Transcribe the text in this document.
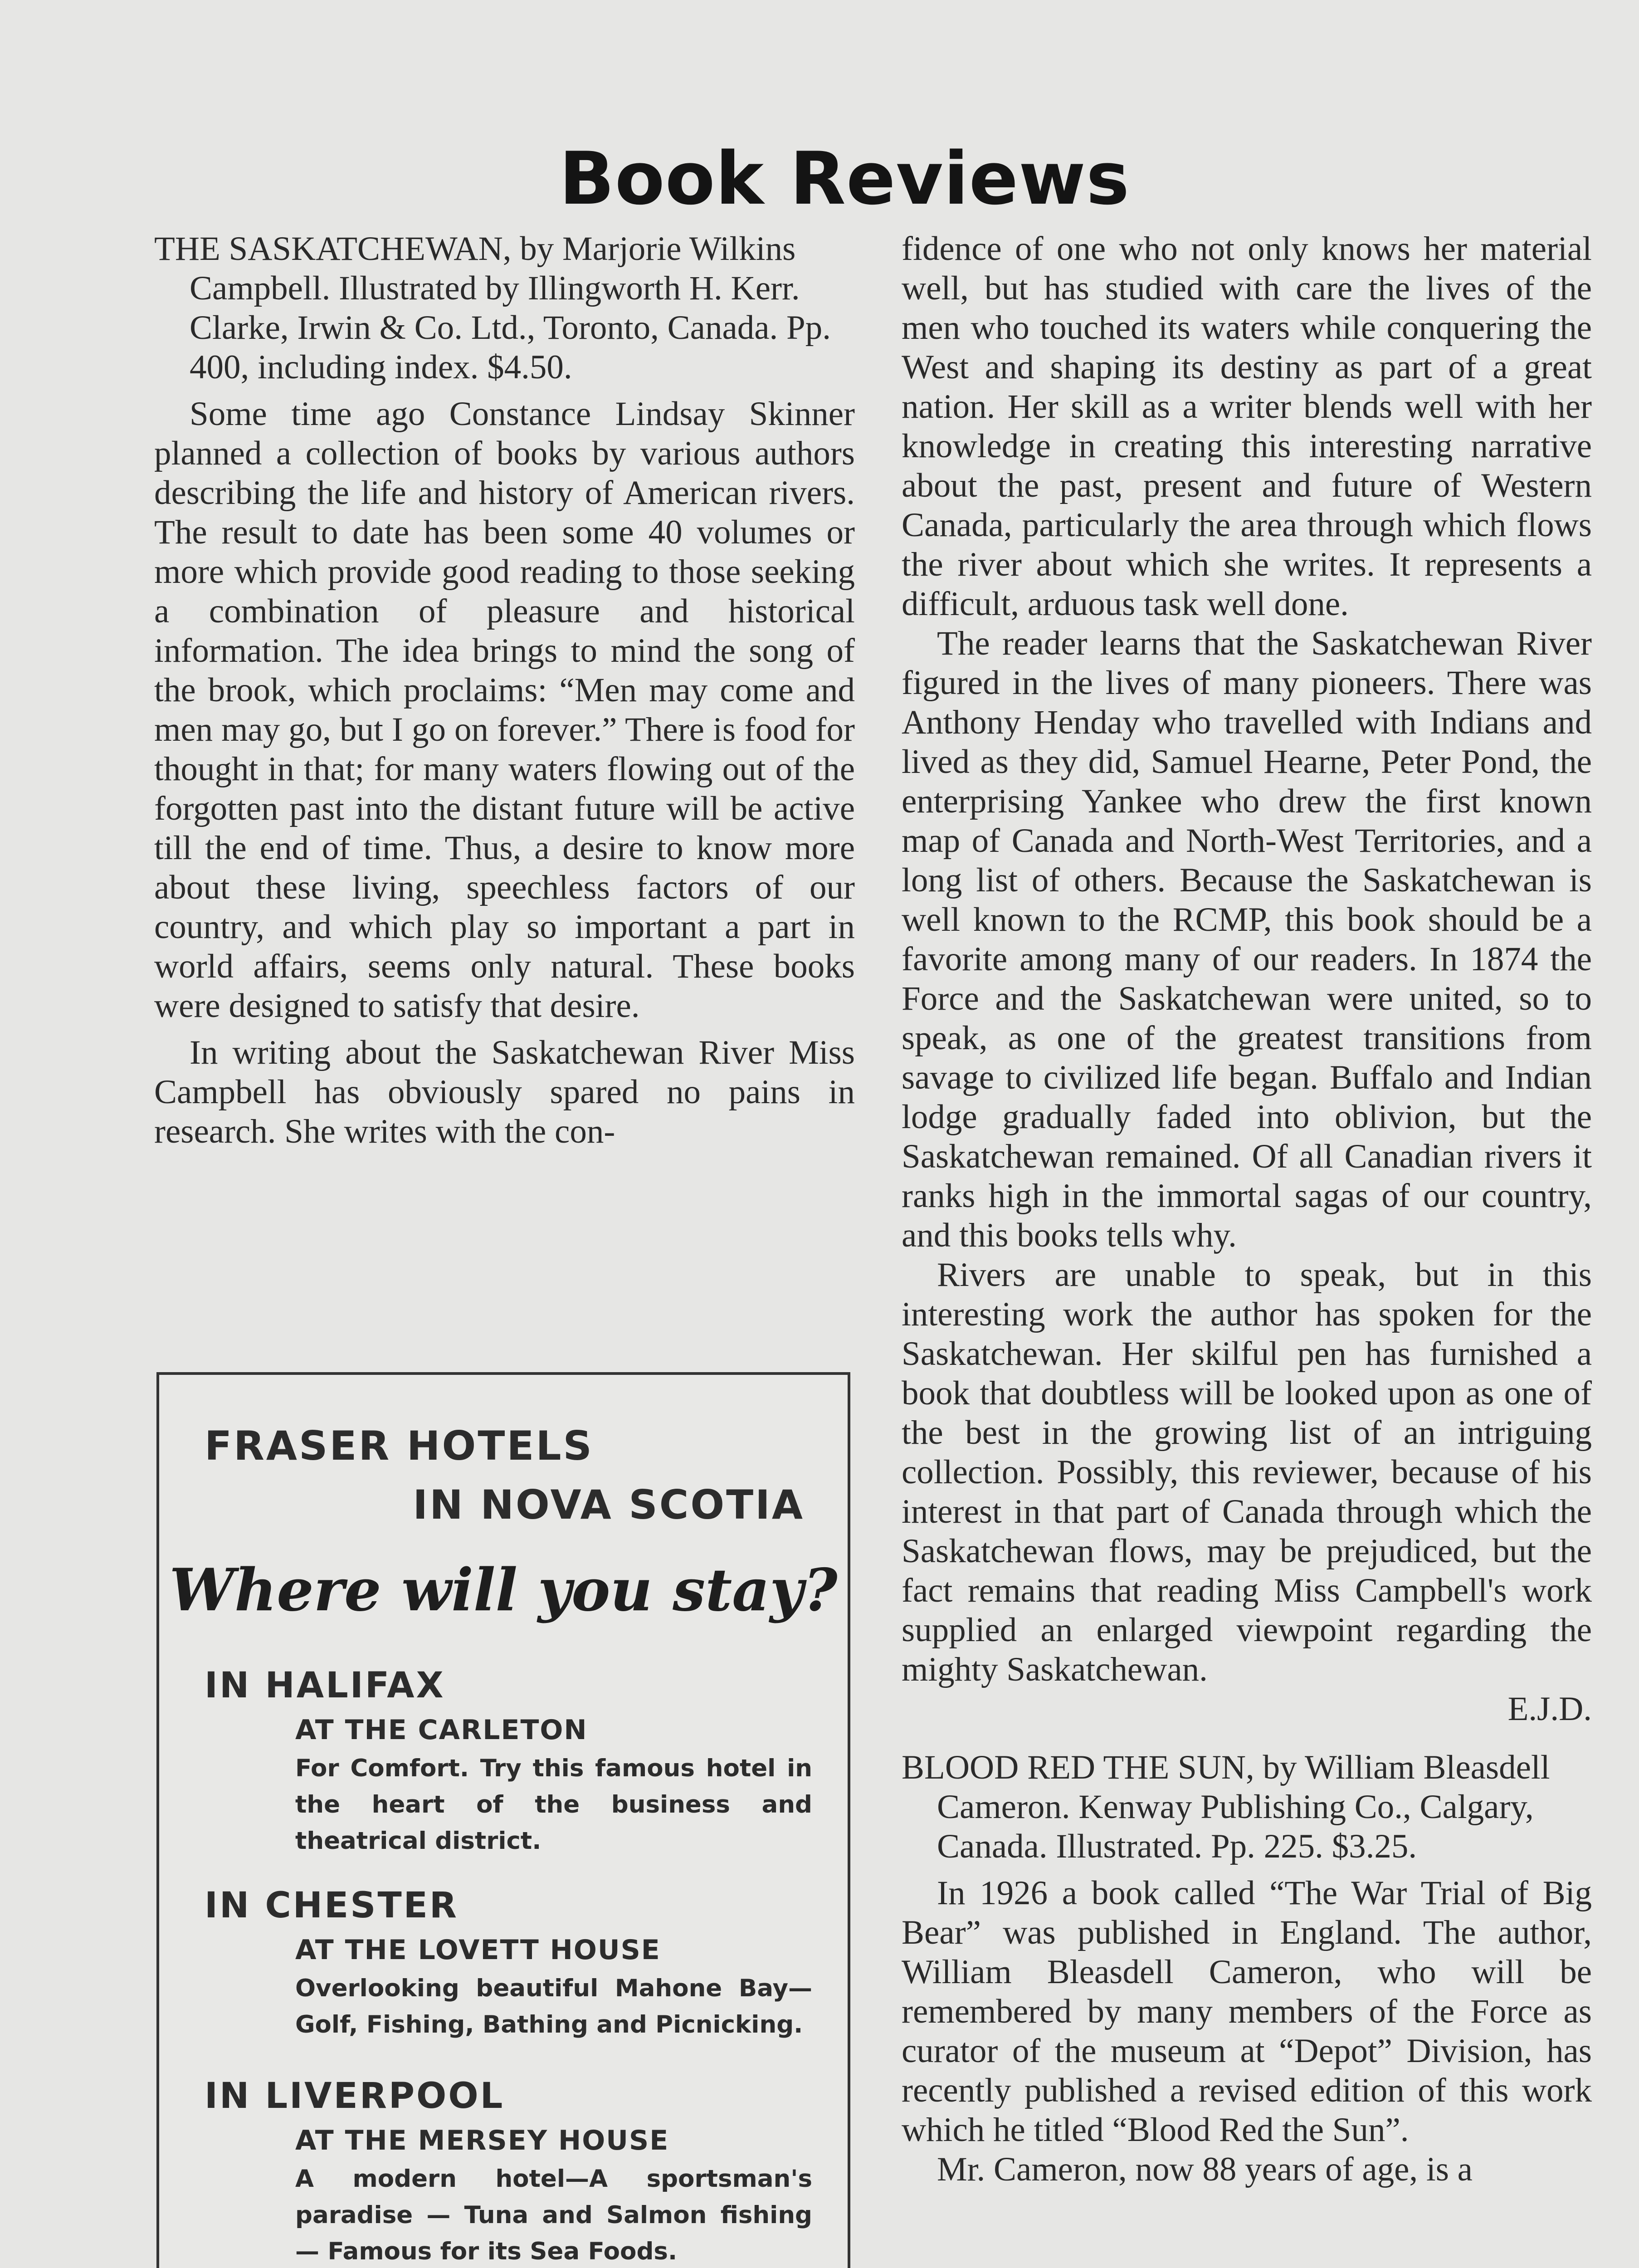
Book Reviews

THE SASKATCHEWAN, by Marjorie Wilkins Campbell. Illustrated by Illingworth H. Kerr. Clarke, Irwin & Co. Ltd., Toronto, Canada. Pp. 400, including index. $4.50.

Some time ago Constance Lindsay Skinner planned a collection of books by various authors describing the life and history of American rivers. The result to date has been some 40 volumes or more which provide good reading to those seeking a combination of pleasure and historical information. The idea brings to mind the song of the brook, which proclaims: “Men may come and men may go, but I go on forever.” There is food for thought in that; for many waters flowing out of the forgotten past into the distant future will be active till the end of time. Thus, a desire to know more about these living, speechless factors of our country, and which play so important a part in world affairs, seems only natural. These books were designed to satisfy that desire.

In writing about the Saskatchewan River Miss Campbell has obviously spared no pains in research. She writes with the con-

fidence of one who not only knows her material well, but has studied with care the lives of the men who touched its waters while conquering the West and shaping its destiny as part of a great nation. Her skill as a writer blends well with her knowledge in creating this interesting narrative about the past, present and future of Western Canada, particularly the area through which flows the river about which she writes. It represents a difficult, arduous task well done.

The reader learns that the Saskatchewan River figured in the lives of many pioneers. There was Anthony Henday who travelled with Indians and lived as they did, Samuel Hearne, Peter Pond, the enterprising Yankee who drew the first known map of Canada and North-West Territories, and a long list of others. Because the Saskatchewan is well known to the RCMP, this book should be a favorite among many of our readers. In 1874 the Force and the Saskatchewan were united, so to speak, as one of the greatest transitions from savage to civilized life began. Buffalo and Indian lodge gradually faded into oblivion, but the Saskatchewan remained. Of all Canadian rivers it ranks high in the immortal sagas of our country, and this books tells why.

Rivers are unable to speak, but in this interesting work the author has spoken for the Saskatchewan. Her skilful pen has furnished a book that doubtless will be looked upon as one of the best in the growing list of an intriguing collection. Possibly, this reviewer, because of his interest in that part of Canada through which the Saskatchewan flows, may be prejudiced, but the fact remains that reading Miss Campbell's work supplied an enlarged viewpoint regarding the mighty Saskatchewan.

E.J.D.

BLOOD RED THE SUN, by William Bleasdell Cameron. Kenway Publishing Co., Calgary, Canada. Illustrated. Pp. 225. $3.25.

In 1926 a book called “The War Trial of Big Bear” was published in England. The author, William Bleasdell Cameron, who will be remembered by many members of the Force as curator of the museum at “Depot” Division, has recently published a revised edition of this work which he titled “Blood Red the Sun”.

Mr. Cameron, now 88 years of age, is a

FRASER HOTELS
IN NOVA SCOTIA
Where will you stay?
IN HALIFAX
AT THE CARLETON
For Comfort. Try this famous hotel in the heart of the business and theatrical district.
IN CHESTER
AT THE LOVETT HOUSE
Overlooking beautiful Mahone Bay— Golf, Fishing, Bathing and Picnicking.
IN LIVERPOOL
AT THE MERSEY HOUSE
A modern hotel—A sportsman's paradise — Tuna and Salmon fishing — Famous for its Sea Foods.
